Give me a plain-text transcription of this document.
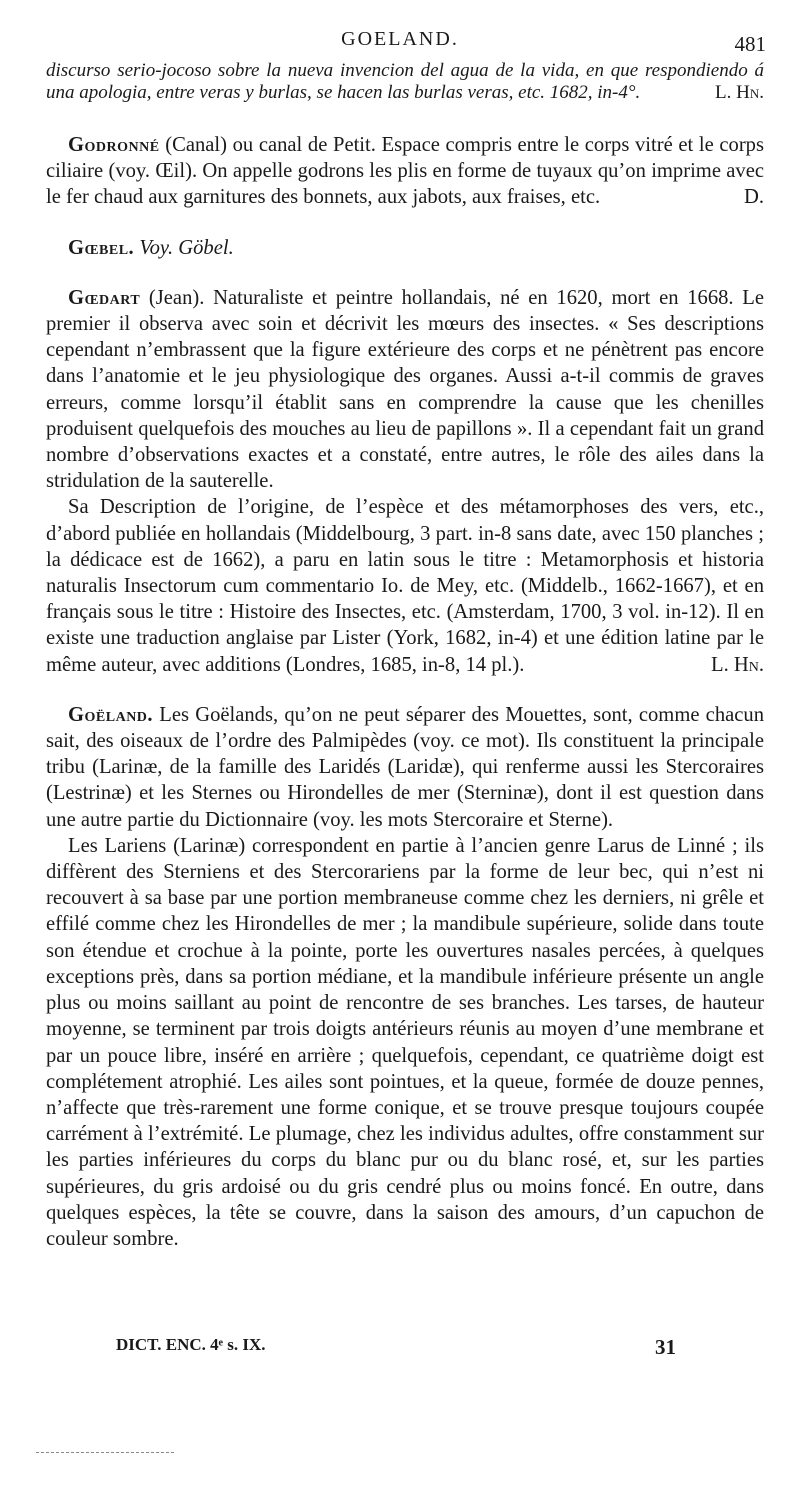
GOELAND.	481

discurso serio-jocoso sobre la nueva invencion del agua de la vida, en que respondiendo á una apologia, entre veras y burlas, se hacen las burlas veras, etc. 1682, in-4°.	L. Hn.

Godronné (Canal) ou canal de Petit. Espace compris entre le corps vitré et le corps ciliaire (voy. Œil). On appelle godrons les plis en forme de tuyaux qu’on imprime avec le fer chaud aux garnitures des bonnets, aux jabots, aux fraises, etc.	D.

Gœbel. Voy. Göbel.

Gœdart (Jean). Naturaliste et peintre hollandais, né en 1620, mort en 1668. Le premier il observa avec soin et décrivit les mœurs des insectes. « Ses descriptions cependant n’embrassent que la figure extérieure des corps et ne pénètrent pas encore dans l’anatomie et le jeu physiologique des organes. Aussi a-t-il commis de graves erreurs, comme lorsqu’il établit sans en comprendre la cause que les chenilles produisent quelquefois des mouches au lieu de papillons ». Il a cependant fait un grand nombre d’observations exactes et a constaté, entre autres, le rôle des ailes dans la stridulation de la sauterelle.

Sa Description de l’origine, de l’espèce et des métamorphoses des vers, etc., d’abord publiée en hollandais (Middelbourg, 3 part. in-8 sans date, avec 150 planches ; la dédicace est de 1662), a paru en latin sous le titre : Metamorphosis et historia naturalis Insectorum cum commentario Io. de Mey, etc. (Middelb., 1662-1667), et en français sous le titre : Histoire des Insectes, etc. (Amsterdam, 1700, 3 vol. in-12). Il en existe une traduction anglaise par Lister (York, 1682, in-4) et une édition latine par le même auteur, avec additions (Londres, 1685, in-8, 14 pl.).	L. Hn.

Goëland. Les Goëlands, qu’on ne peut séparer des Mouettes, sont, comme chacun sait, des oiseaux de l’ordre des Palmipèdes (voy. ce mot). Ils constituent la principale tribu (Larinæ, de la famille des Laridés (Laridæ), qui renferme aussi les Stercoraires (Lestrinæ) et les Sternes ou Hirondelles de mer (Sterninæ), dont il est question dans une autre partie du Dictionnaire (voy. les mots Stercoraire et Sterne).

Les Lariens (Larinæ) correspondent en partie à l’ancien genre Larus de Linné ; ils diffèrent des Sterniens et des Stercorariens par la forme de leur bec, qui n’est ni recouvert à sa base par une portion membraneuse comme chez les derniers, ni grêle et effilé comme chez les Hirondelles de mer ; la mandibule supérieure, solide dans toute son étendue et crochue à la pointe, porte les ouvertures nasales percées, à quelques exceptions près, dans sa portion médiane, et la mandibule inférieure présente un angle plus ou moins saillant au point de rencontre de ses branches. Les tarses, de hauteur moyenne, se terminent par trois doigts antérieurs réunis au moyen d’une membrane et par un pouce libre, inséré en arrière ; quelquefois, cependant, ce quatrième doigt est complétement atrophié. Les ailes sont pointues, et la queue, formée de douze pennes, n’affecte que très-rarement une forme conique, et se trouve presque toujours coupée carrément à l’extrémité. Le plumage, chez les individus adultes, offre constamment sur les parties inférieures du corps du blanc pur ou du blanc rosé, et, sur les parties supérieures, du gris ardoisé ou du gris cendré plus ou moins foncé. En outre, dans quelques espèces, la tête se couvre, dans la saison des amours, d’un capuchon de couleur sombre.

DICT. ENC. 4ᵉ s. IX.	31
